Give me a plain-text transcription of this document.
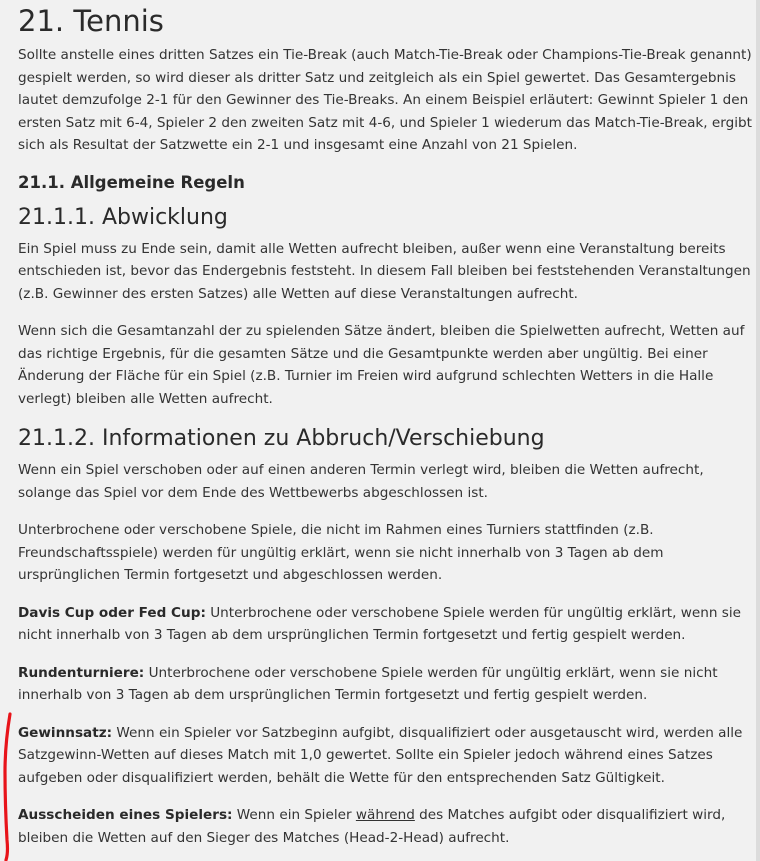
21. Tennis

Sollte anstelle eines dritten Satzes ein Tie-Break (auch Match-Tie-Break oder Champions-Tie-Break genannt) gespielt werden, so wird dieser als dritter Satz und zeitgleich als ein Spiel gewertet. Das Gesamtergebnis lautet demzufolge 2-1 für den Gewinner des Tie-Breaks. An einem Beispiel erläutert: Gewinnt Spieler 1 den ersten Satz mit 6-4, Spieler 2 den zweiten Satz mit 4-6, und Spieler 1 wiederum das Match-Tie-Break, ergibt sich als Resultat der Satzwette ein 2-1 und insgesamt eine Anzahl von 21 Spielen.

21.1. Allgemeine Regeln
21.1.1. Abwicklung

Ein Spiel muss zu Ende sein, damit alle Wetten aufrecht bleiben, außer wenn eine Veranstaltung bereits entschieden ist, bevor das Endergebnis feststeht. In diesem Fall bleiben bei feststehenden Veranstaltungen (z.B. Gewinner des ersten Satzes) alle Wetten auf diese Veranstaltungen aufrecht.

Wenn sich die Gesamtanzahl der zu spielenden Sätze ändert, bleiben die Spielwetten aufrecht, Wetten auf das richtige Ergebnis, für die gesamten Sätze und die Gesamtpunkte werden aber ungültig. Bei einer Änderung der Fläche für ein Spiel (z.B. Turnier im Freien wird aufgrund schlechten Wetters in die Halle verlegt) bleiben alle Wetten aufrecht.

21.1.2. Informationen zu Abbruch/Verschiebung

Wenn ein Spiel verschoben oder auf einen anderen Termin verlegt wird, bleiben die Wetten aufrecht, solange das Spiel vor dem Ende des Wettbewerbs abgeschlossen ist.

Unterbrochene oder verschobene Spiele, die nicht im Rahmen eines Turniers stattfinden (z.B. Freundschaftsspiele) werden für ungültig erklärt, wenn sie nicht innerhalb von 3 Tagen ab dem ursprünglichen Termin fortgesetzt und abgeschlossen werden.

Davis Cup oder Fed Cup: Unterbrochene oder verschobene Spiele werden für ungültig erklärt, wenn sie nicht innerhalb von 3 Tagen ab dem ursprünglichen Termin fortgesetzt und fertig gespielt werden.

Rundenturniere: Unterbrochene oder verschobene Spiele werden für ungültig erklärt, wenn sie nicht innerhalb von 3 Tagen ab dem ursprünglichen Termin fortgesetzt und fertig gespielt werden.

Gewinnsatz: Wenn ein Spieler vor Satzbeginn aufgibt, disqualifiziert oder ausgetauscht wird, werden alle Satzgewinn-Wetten auf dieses Match mit 1,0 gewertet. Sollte ein Spieler jedoch während eines Satzes aufgeben oder disqualifiziert werden, behält die Wette für den entsprechenden Satz Gültigkeit.

Ausscheiden eines Spielers: Wenn ein Spieler während des Matches aufgibt oder disqualifiziert wird, bleiben die Wetten auf den Sieger des Matches (Head-2-Head) aufrecht.
